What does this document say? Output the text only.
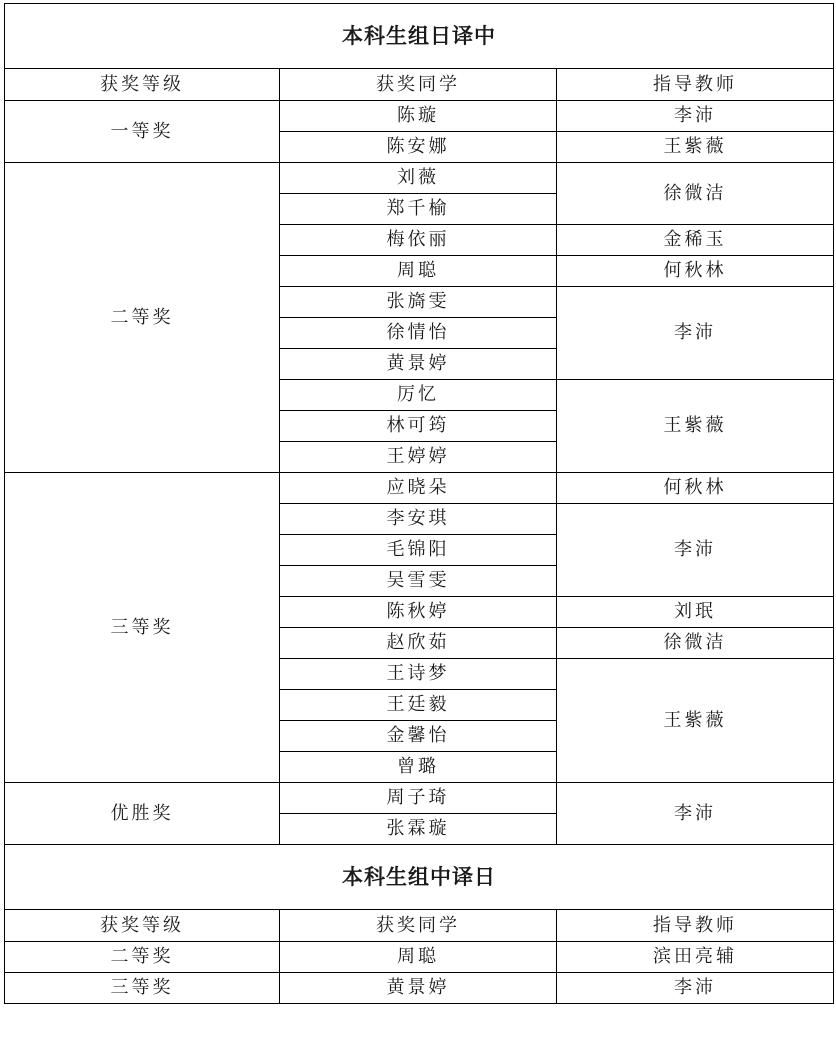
本科生组日译中		
获奖等级	获奖同学	指导教师
一等奖	陈璇	李沛
	陈安娜	王紫薇
二等奖	刘薇	徐微洁
	郑千榆	
	梅依丽	金稀玉
	周聪	何秋林
	张旖雯	李沛
	徐情怡	
	黄景婷	
	厉忆	王紫薇
	林可筠	
	王婷婷	
三等奖	应晓朵	何秋林
	李安琪	李沛
	毛锦阳	
	吴雪雯	
	陈秋婷	刘珉
	赵欣茹	徐微洁
	王诗梦	王紫薇
	王廷毅	
	金馨怡	
	曾璐	
优胜奖	周子琦	李沛
	张霖璇	
本科生组中译日		
获奖等级	获奖同学	指导教师
二等奖	周聪	滨田亮辅
三等奖	黄景婷	李沛
